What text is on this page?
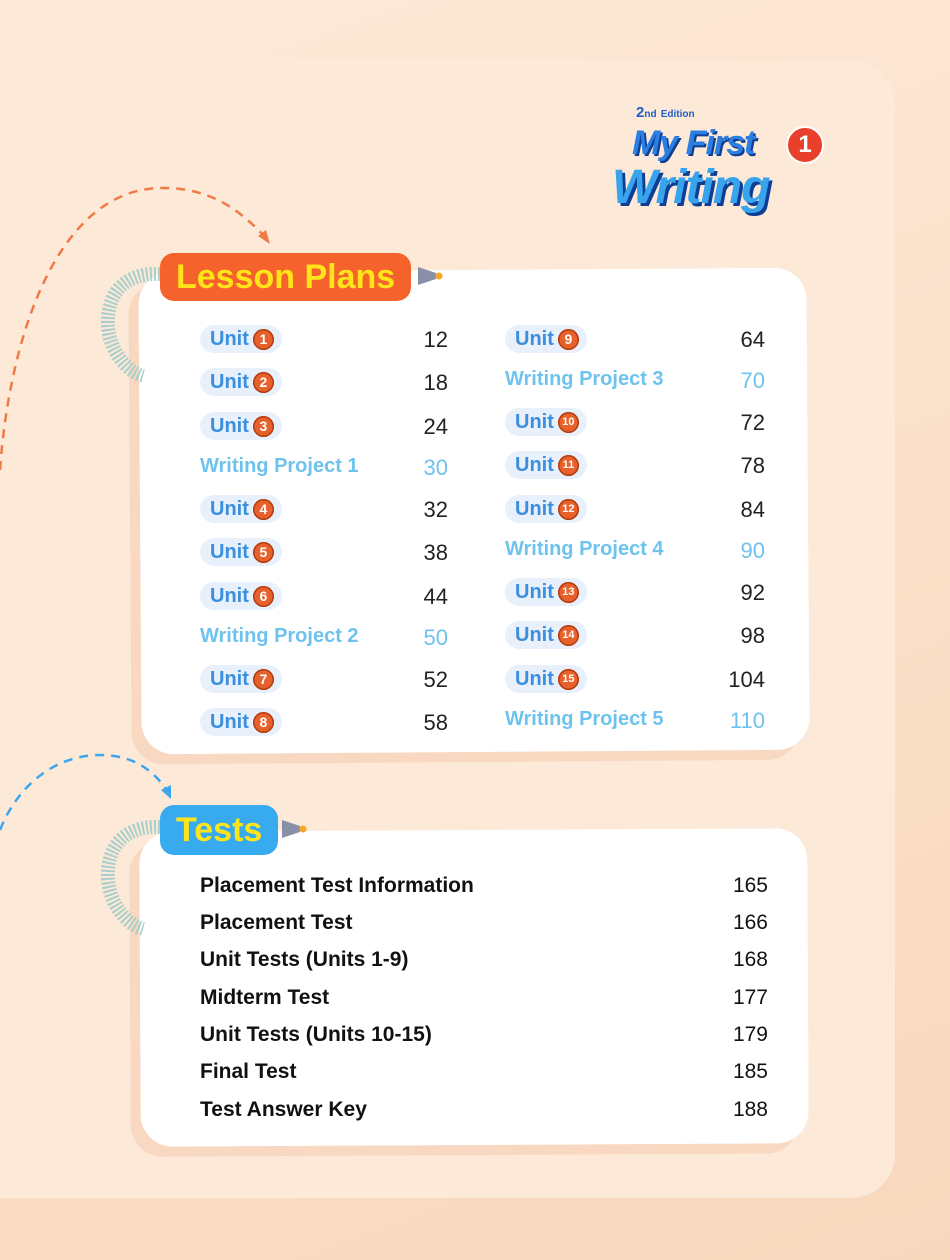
2nd Edition
My First
Writing
1
Lesson Plans
Unit 1	12
Unit 2	18
Unit 3	24
Writing Project 1	30
Unit 4	32
Unit 5	38
Unit 6	44
Writing Project 2	50
Unit 7	52
Unit 8	58
Unit 9	64
Writing Project 3	70
Unit 10	72
Unit 11	78
Unit 12	84
Writing Project 4	90
Unit 13	92
Unit 14	98
Unit 15	104
Writing Project 5	110
Tests
Placement Test Information	165
Placement Test	166
Unit Tests (Units 1-9)	168
Midterm Test	177
Unit Tests (Units 10-15)	179
Final Test	185
Test Answer Key	188
